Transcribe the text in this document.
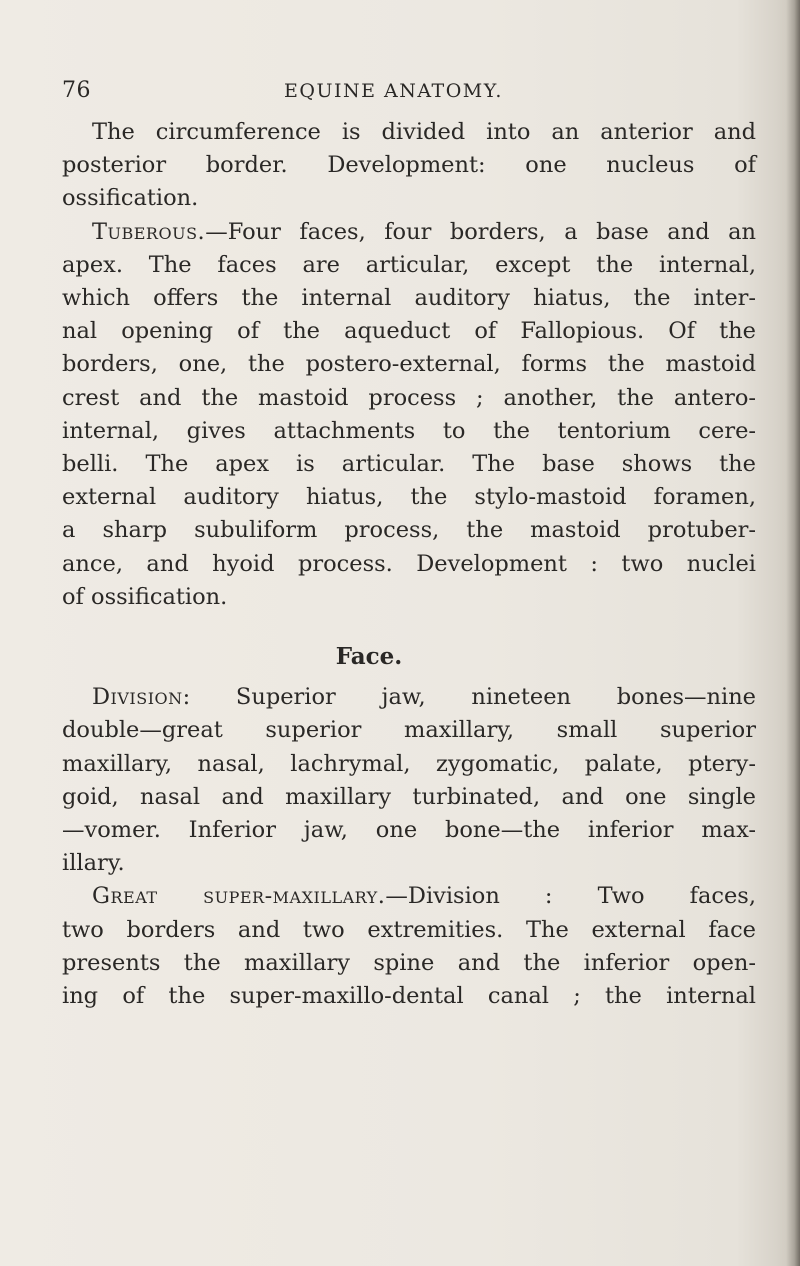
76	EQUINE ANATOMY.
The circumference is divided into an anterior and
posterior border. Development: one nucleus of
ossification.
Tuberous.—Four faces, four borders, a base and an
apex. The faces are articular, except the internal,
which offers the internal auditory hiatus, the inter-
nal opening of the aqueduct of Fallopious. Of the
borders, one, the postero-external, forms the mastoid
crest and the mastoid process ; another, the antero-
internal, gives attachments to the tentorium cere-
belli. The apex is articular. The base shows the
external auditory hiatus, the stylo-mastoid foramen,
a sharp subuliform process, the mastoid protuber-
ance, and hyoid process. Development : two nuclei
of ossification.
Face.
Division: Superior jaw, nineteen bones—nine
double—great superior maxillary, small superior
maxillary, nasal, lachrymal, zygomatic, palate, ptery-
goid, nasal and maxillary turbinated, and one single
—vomer. Inferior jaw, one bone—the inferior max-
illary.
Great super-maxillary.—Division : Two faces,
two borders and two extremities. The external face
presents the maxillary spine and the inferior open-
ing of the super-maxillo-dental canal ; the internal
